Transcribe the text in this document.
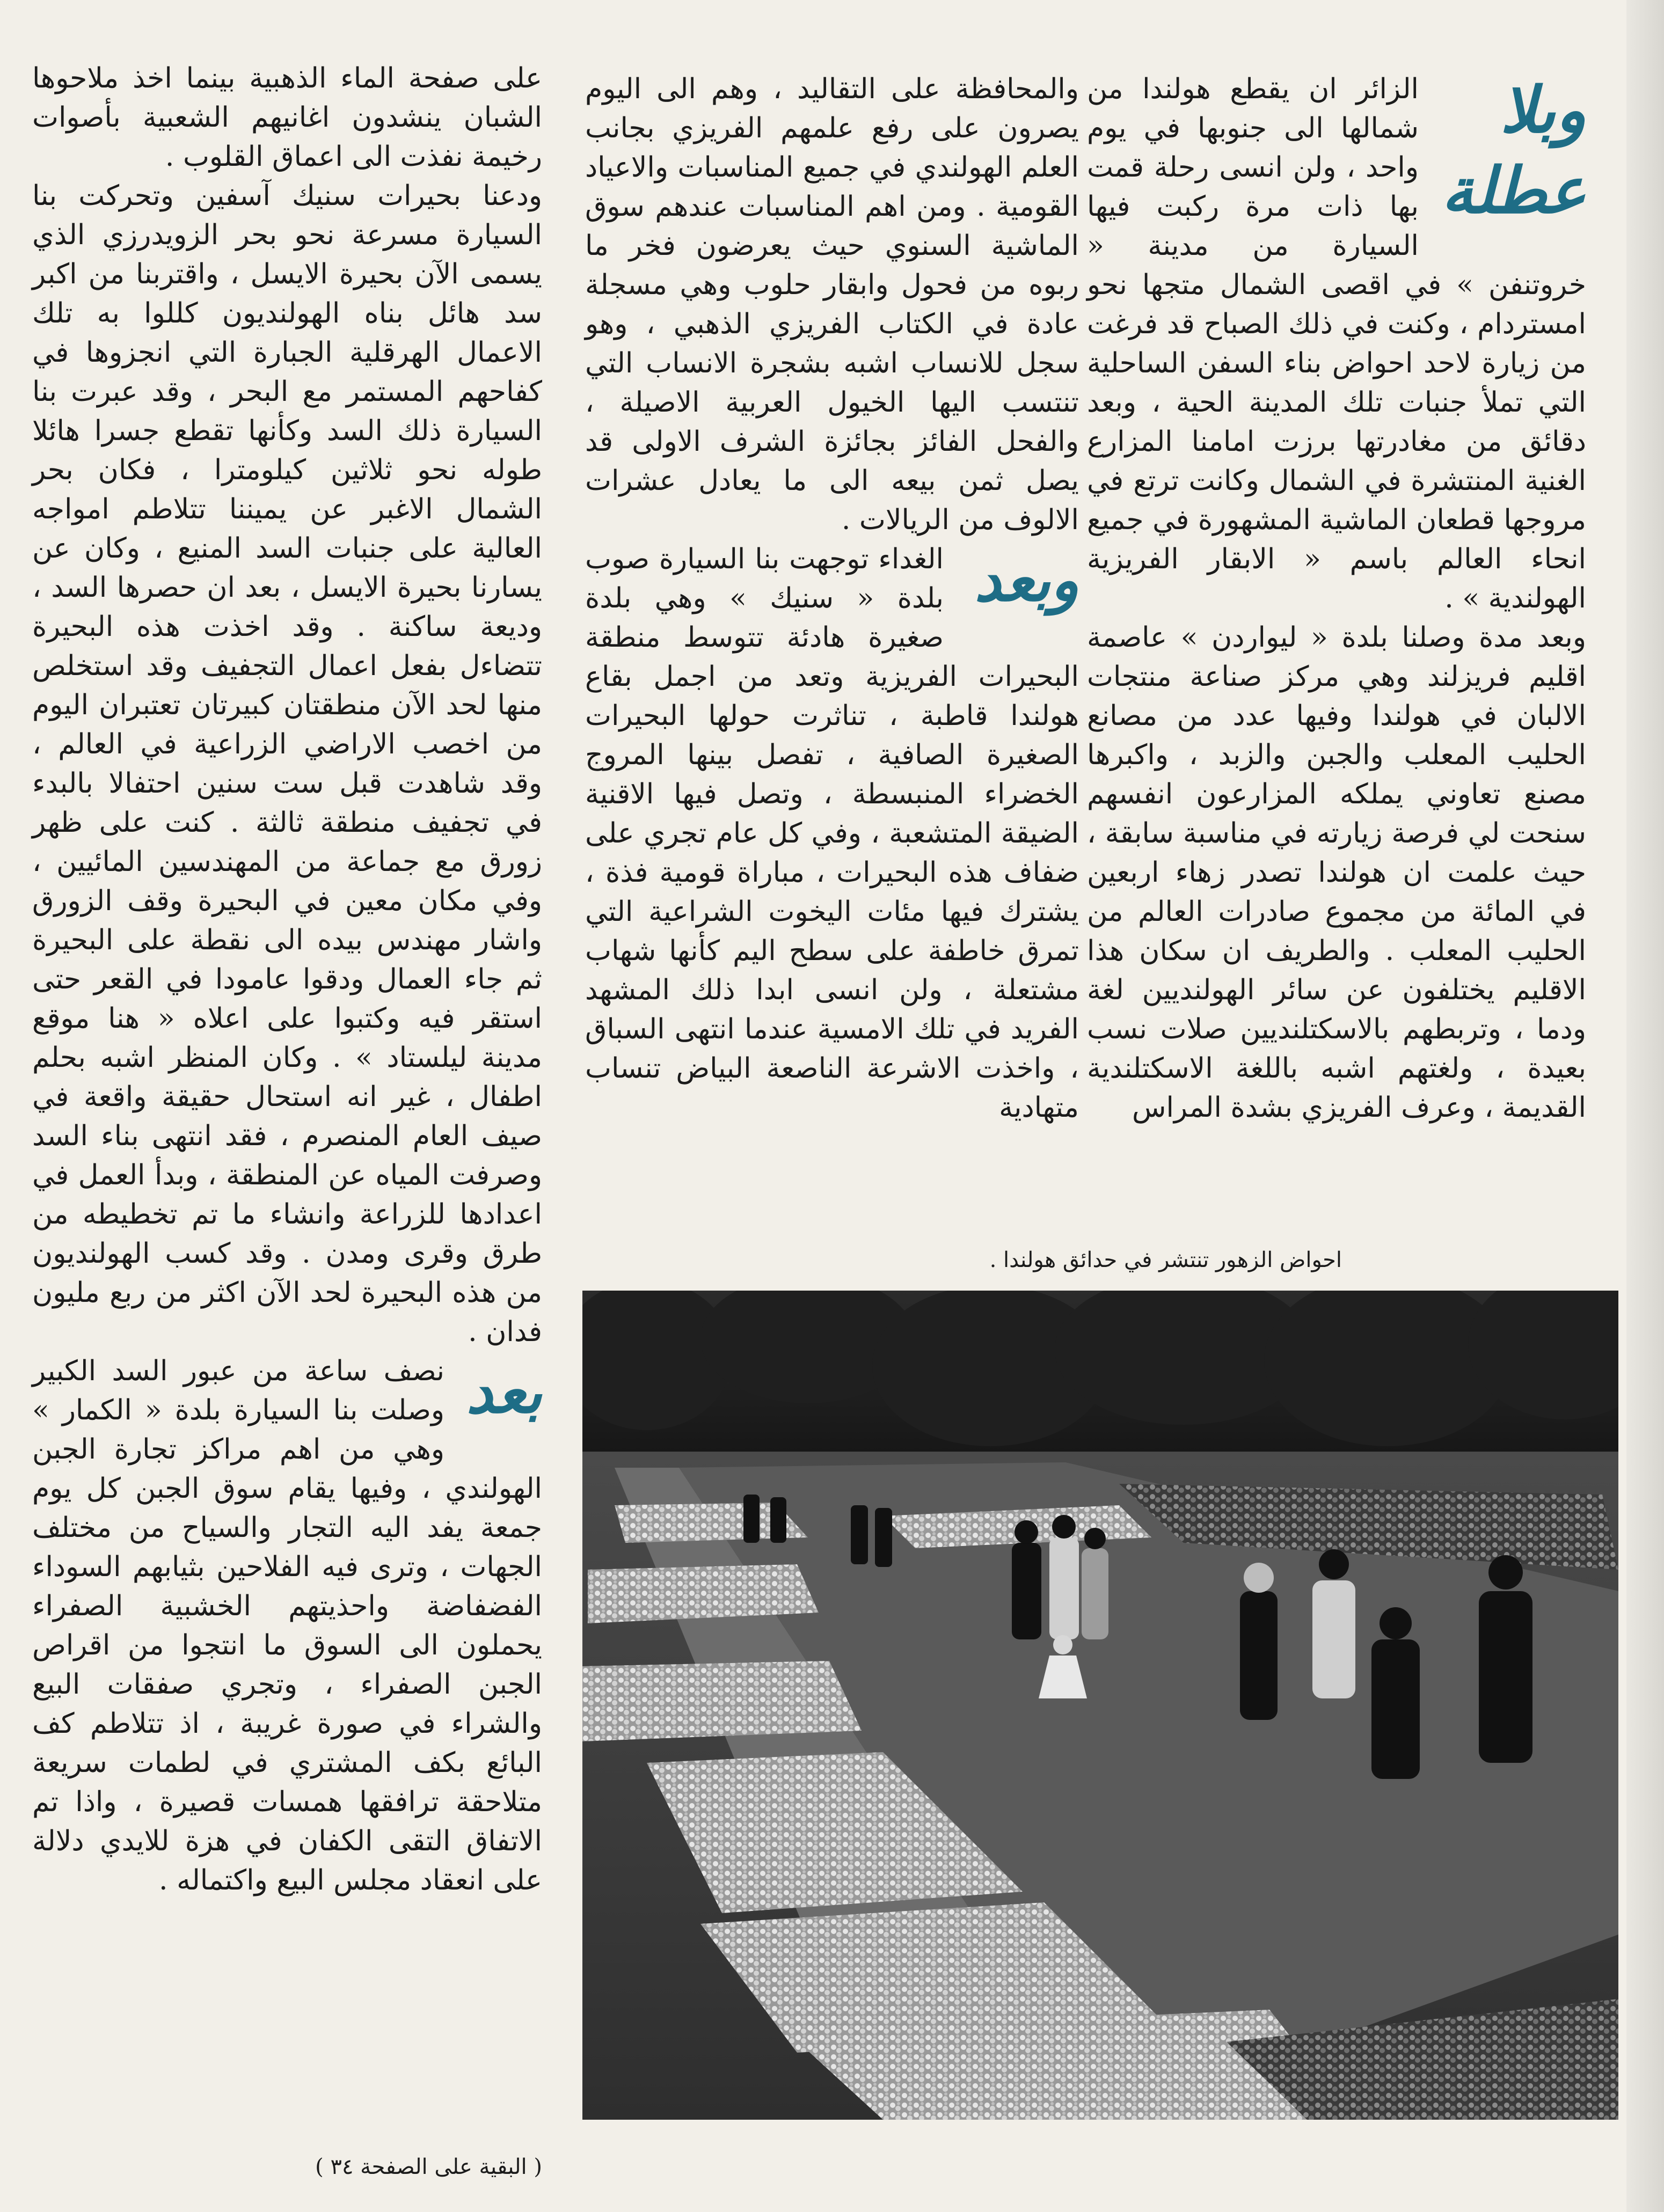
وبلا عطلة

الزائر ان يقطع هولندا من شمالها الى جنوبها في يوم واحد ، ولن انسى رحلة قمت بها ذات مرة ركبت فيها السيارة من مدينة « خروتنفن » في اقصى الشمال متجها نحو امستردام ، وكنت في ذلك الصباح قد فرغت من زيارة لاحد احواض بناء السفن الساحلية التي تملأ جنبات تلك المدينة الحية ، وبعد دقائق من مغادرتها برزت امامنا المزارع الغنية المنتشرة في الشمال وكانت ترتع في مروجها قطعان الماشية المشهورة في جميع انحاء العالم باسم « الابقار الفريزية الهولندية » .

وبعد مدة وصلنا بلدة « ليواردن » عاصمة اقليم فريزلند وهي مركز صناعة منتجات الالبان في هولندا وفيها عدد من مصانع الحليب المعلب والجبن والزبد ، واكبرها مصنع تعاوني يملكه المزارعون انفسهم سنحت لي فرصة زيارته في مناسبة سابقة ، حيث علمت ان هولندا تصدر زهاء اربعين في المائة من مجموع صادرات العالم من الحليب المعلب . والطريف ان سكان هذا الاقليم يختلفون عن سائر الهولنديين لغة ودما ، وتربطهم بالاسكتلنديين صلات نسب بعيدة ، ولغتهم اشبه باللغة الاسكتلندية القديمة ، وعرف الفريزي بشدة المراس

والمحافظة على التقاليد ، وهم الى اليوم يصرون على رفع علمهم الفريزي بجانب العلم الهولندي في جميع المناسبات والاعياد القومية . ومن اهم المناسبات عندهم سوق الماشية السنوي حيث يعرضون فخر ما ربوه من فحول وابقار حلوب وهي مسجلة عادة في الكتاب الفريزي الذهبي ، وهو سجل للانساب اشبه بشجرة الانساب التي تنتسب اليها الخيول العربية الاصيلة ، والفحل الفائز بجائزة الشرف الاولى قد يصل ثمن بيعه الى ما يعادل عشرات الالوف من الريالات .

وبعد

الغداء توجهت بنا السيارة صوب بلدة « سنيك » وهي بلدة صغيرة هادئة تتوسط منطقة البحيرات الفريزية وتعد من اجمل بقاع هولندا قاطبة ، تناثرت حولها البحيرات الصغيرة الصافية ، تفصل بينها المروج الخضراء المنبسطة ، وتصل فيها الاقنية الضيقة المتشعبة ، وفي كل عام تجري على ضفاف هذه البحيرات ، مباراة قومية فذة ، يشترك فيها مئات اليخوت الشراعية التي تمرق خاطفة على سطح اليم كأنها شهاب مشتعلة ، ولن انسى ابدا ذلك المشهد الفريد في تلك الامسية عندما انتهى السباق ، واخذت الاشرعة الناصعة البياض تنساب متهادية

على صفحة الماء الذهبية بينما اخذ ملاحوها الشبان ينشدون اغانيهم الشعبية بأصوات رخيمة نفذت الى اعماق القلوب .

ودعنا بحيرات سنيك آسفين وتحركت بنا السيارة مسرعة نحو بحر الزويدرزي الذي يسمى الآن بحيرة الايسل ، واقتربنا من اكبر سد هائل بناه الهولنديون كللوا به تلك الاعمال الهرقلية الجبارة التي انجزوها في كفاحهم المستمر مع البحر ، وقد عبرت بنا السيارة ذلك السد وكأنها تقطع جسرا هائلا طوله نحو ثلاثين كيلومترا ، فكان بحر الشمال الاغبر عن يميننا تتلاطم امواجه العالية على جنبات السد المنيع ، وكان عن يسارنا بحيرة الايسل ، بعد ان حصرها السد ، وديعة ساكنة . وقد اخذت هذه البحيرة تتضاءل بفعل اعمال التجفيف وقد استخلص منها لحد الآن منطقتان كبيرتان تعتبران اليوم من اخصب الاراضي الزراعية في العالم ، وقد شاهدت قبل ست سنين احتفالا بالبدء في تجفيف منطقة ثالثة . كنت على ظهر زورق مع جماعة من المهندسين المائيين ، وفي مكان معين في البحيرة وقف الزورق واشار مهندس بيده الى نقطة على البحيرة ثم جاء العمال ودقوا عامودا في القعر حتى استقر فيه وكتبوا على اعلاه « هنا موقع مدينة ليلستاد » . وكان المنظر اشبه بحلم اطفال ، غير انه استحال حقيقة واقعة في صيف العام المنصرم ، فقد انتهى بناء السد وصرفت المياه عن المنطقة ، وبدأ العمل في اعدادها للزراعة وانشاء ما تم تخطيطه من طرق وقرى ومدن . وقد كسب الهولنديون من هذه البحيرة لحد الآن اكثر من ربع مليون فدان .

بعد

نصف ساعة من عبور السد الكبير وصلت بنا السيارة بلدة « الكمار » وهي من اهم مراكز تجارة الجبن الهولندي ، وفيها يقام سوق الجبن كل يوم جمعة يفد اليه التجار والسياح من مختلف الجهات ، وترى فيه الفلاحين بثيابهم السوداء الفضفاضة واحذيتهم الخشبية الصفراء يحملون الى السوق ما انتجوا من اقراص الجبن الصفراء ، وتجري صفقات البيع والشراء في صورة غريبة ، اذ تتلاطم كف البائع بكف المشتري في لطمات سريعة متلاحقة ترافقها همسات قصيرة ، واذا تم الاتفاق التقى الكفان في هزة للايدي دلالة على انعقاد مجلس البيع واكتماله .

احواض الزهور تنتشر في حدائق هولندا .

( البقية على الصفحة ٣٤ )
